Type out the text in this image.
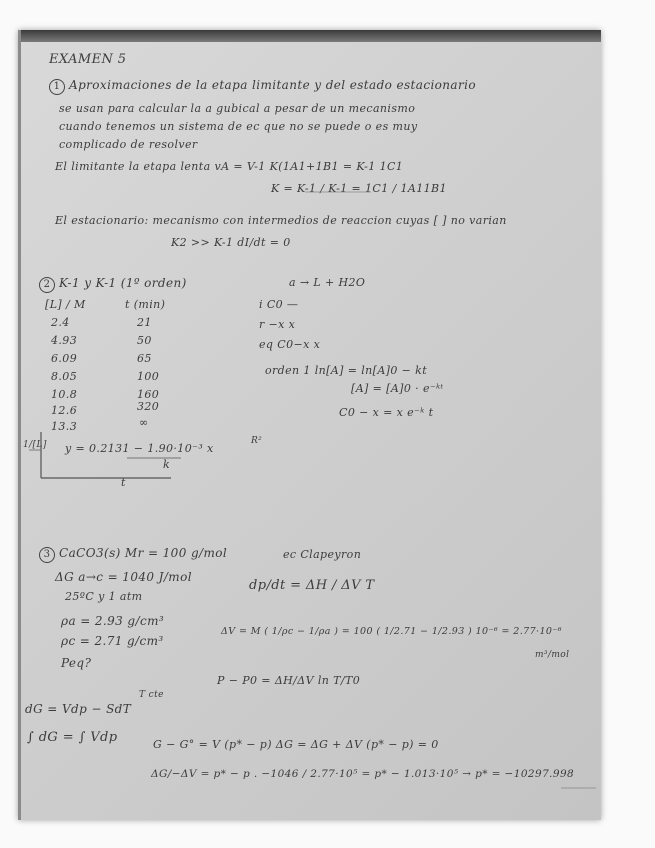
EXAMEN 5
1 Aproximaciones de la etapa limitante y del estado estacionario
se usan para calcular la a gubical a pesar de un mecanismo
cuando tenemos un sistema de ec que no se puede o es muy
complicado de resolver
El limitante la etapa lenta vA = V-1 K(1A1+1B1 = K-1 1C1
K = K-1 / K-1 = 1C1 / 1A11B1
El estacionario: mecanismo con intermedios de reaccion cuyas [ ] no varian
K2 >> K-1 dI/dt = 0
2 K-1 y K-1 (1º orden)	a → L + H2O
[L] / M	t (min)
2.4	21
4.93	50
6.09	65
8.05	100
10.8	160
12.6	320
13.3	∞
i C0 —
r −x x
eq C0−x x
orden 1 ln[A] = ln[A]0 − kt
[A] = [A]0 · e⁻ᵏᵗ
C0 − x = x e⁻ᵏ t
1/[L] y = 0.2131 − 1.90·10⁻³ x
k
R²
t
3 CaCO3(s) Mr = 100 g/mol	ec Clapeyron
ΔG a→c = 1040 J/mol
25ºC y 1 atm
ρa = 2.93 g/cm³
ρc = 2.71 g/cm³
Peq?
dp/dt = ΔH / ΔV T
ΔV = M ( 1/ρc − 1/ρa ) = 100 ( 1/2.71 − 1/2.93 ) 10⁻⁶ = 2.77·10⁻⁶
m³/mol
P − P0 = ΔH/ΔV ln T/T0
dG = Vdp − SdT
T cte
∫ dG = ∫ Vdp	G − G° = V (p* − p) ΔG = ΔG + ΔV (p* − p) = 0
ΔG/−ΔV = p* − p . −1046 / 2.77·10⁵ = p* − 1.013·10⁵ → p* = −10297.998
